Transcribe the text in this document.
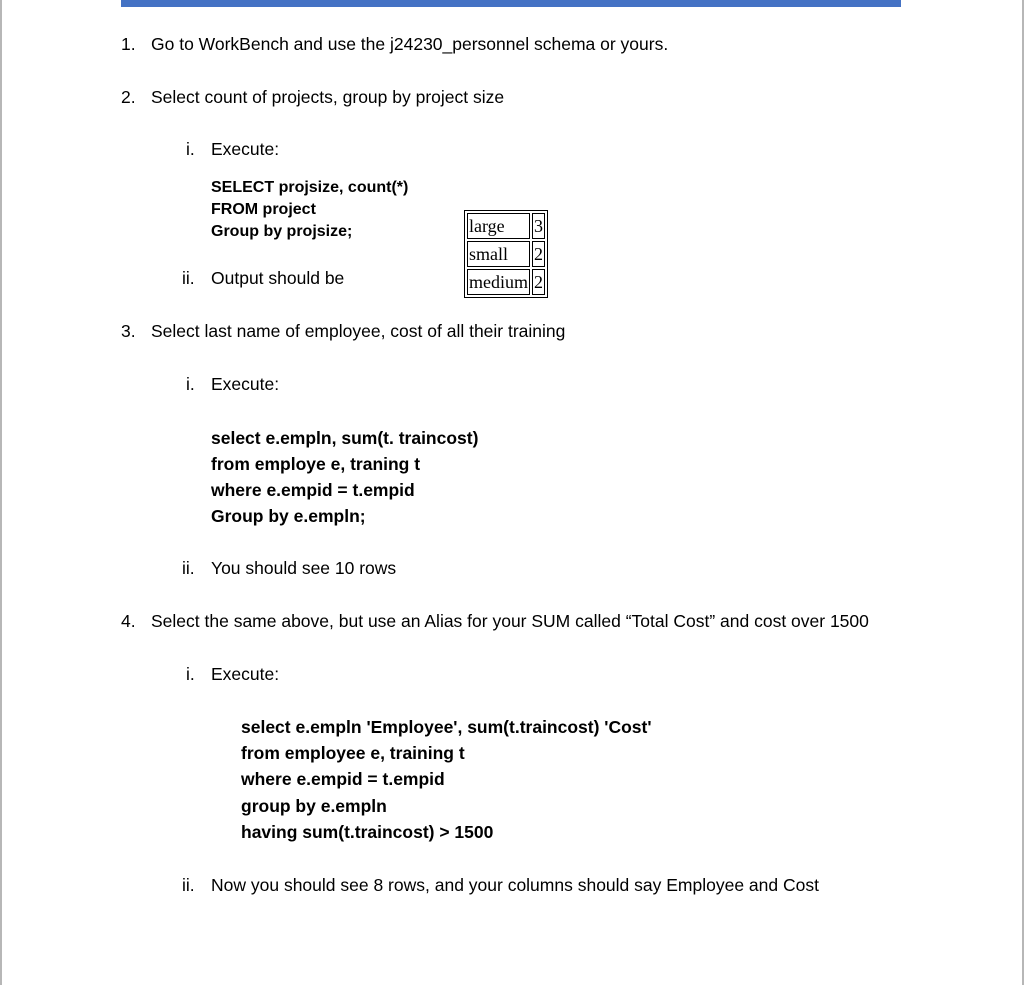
1. Go to WorkBench and use the j24230_personnel schema or yours.
2. Select count of projects, group by project size
i. Execute:
SELECT projsize, count(*)
FROM project
Group by projsize;
ii. Output should be
large	3
small	2
medium	2
3. Select last name of employee, cost of all their training
i. Execute:
select e.empln, sum(t. traincost)
from employe e, traning t
where e.empid = t.empid
Group by e.empln;
ii. You should see 10 rows
4. Select the same above, but use an Alias for your SUM called “Total Cost” and cost over 1500
i. Execute:
select e.empln 'Employee', sum(t.traincost) 'Cost'
from employee e, training t
where e.empid = t.empid
group by e.empln
having sum(t.traincost) > 1500
ii. Now you should see 8 rows, and your columns should say Employee and Cost
